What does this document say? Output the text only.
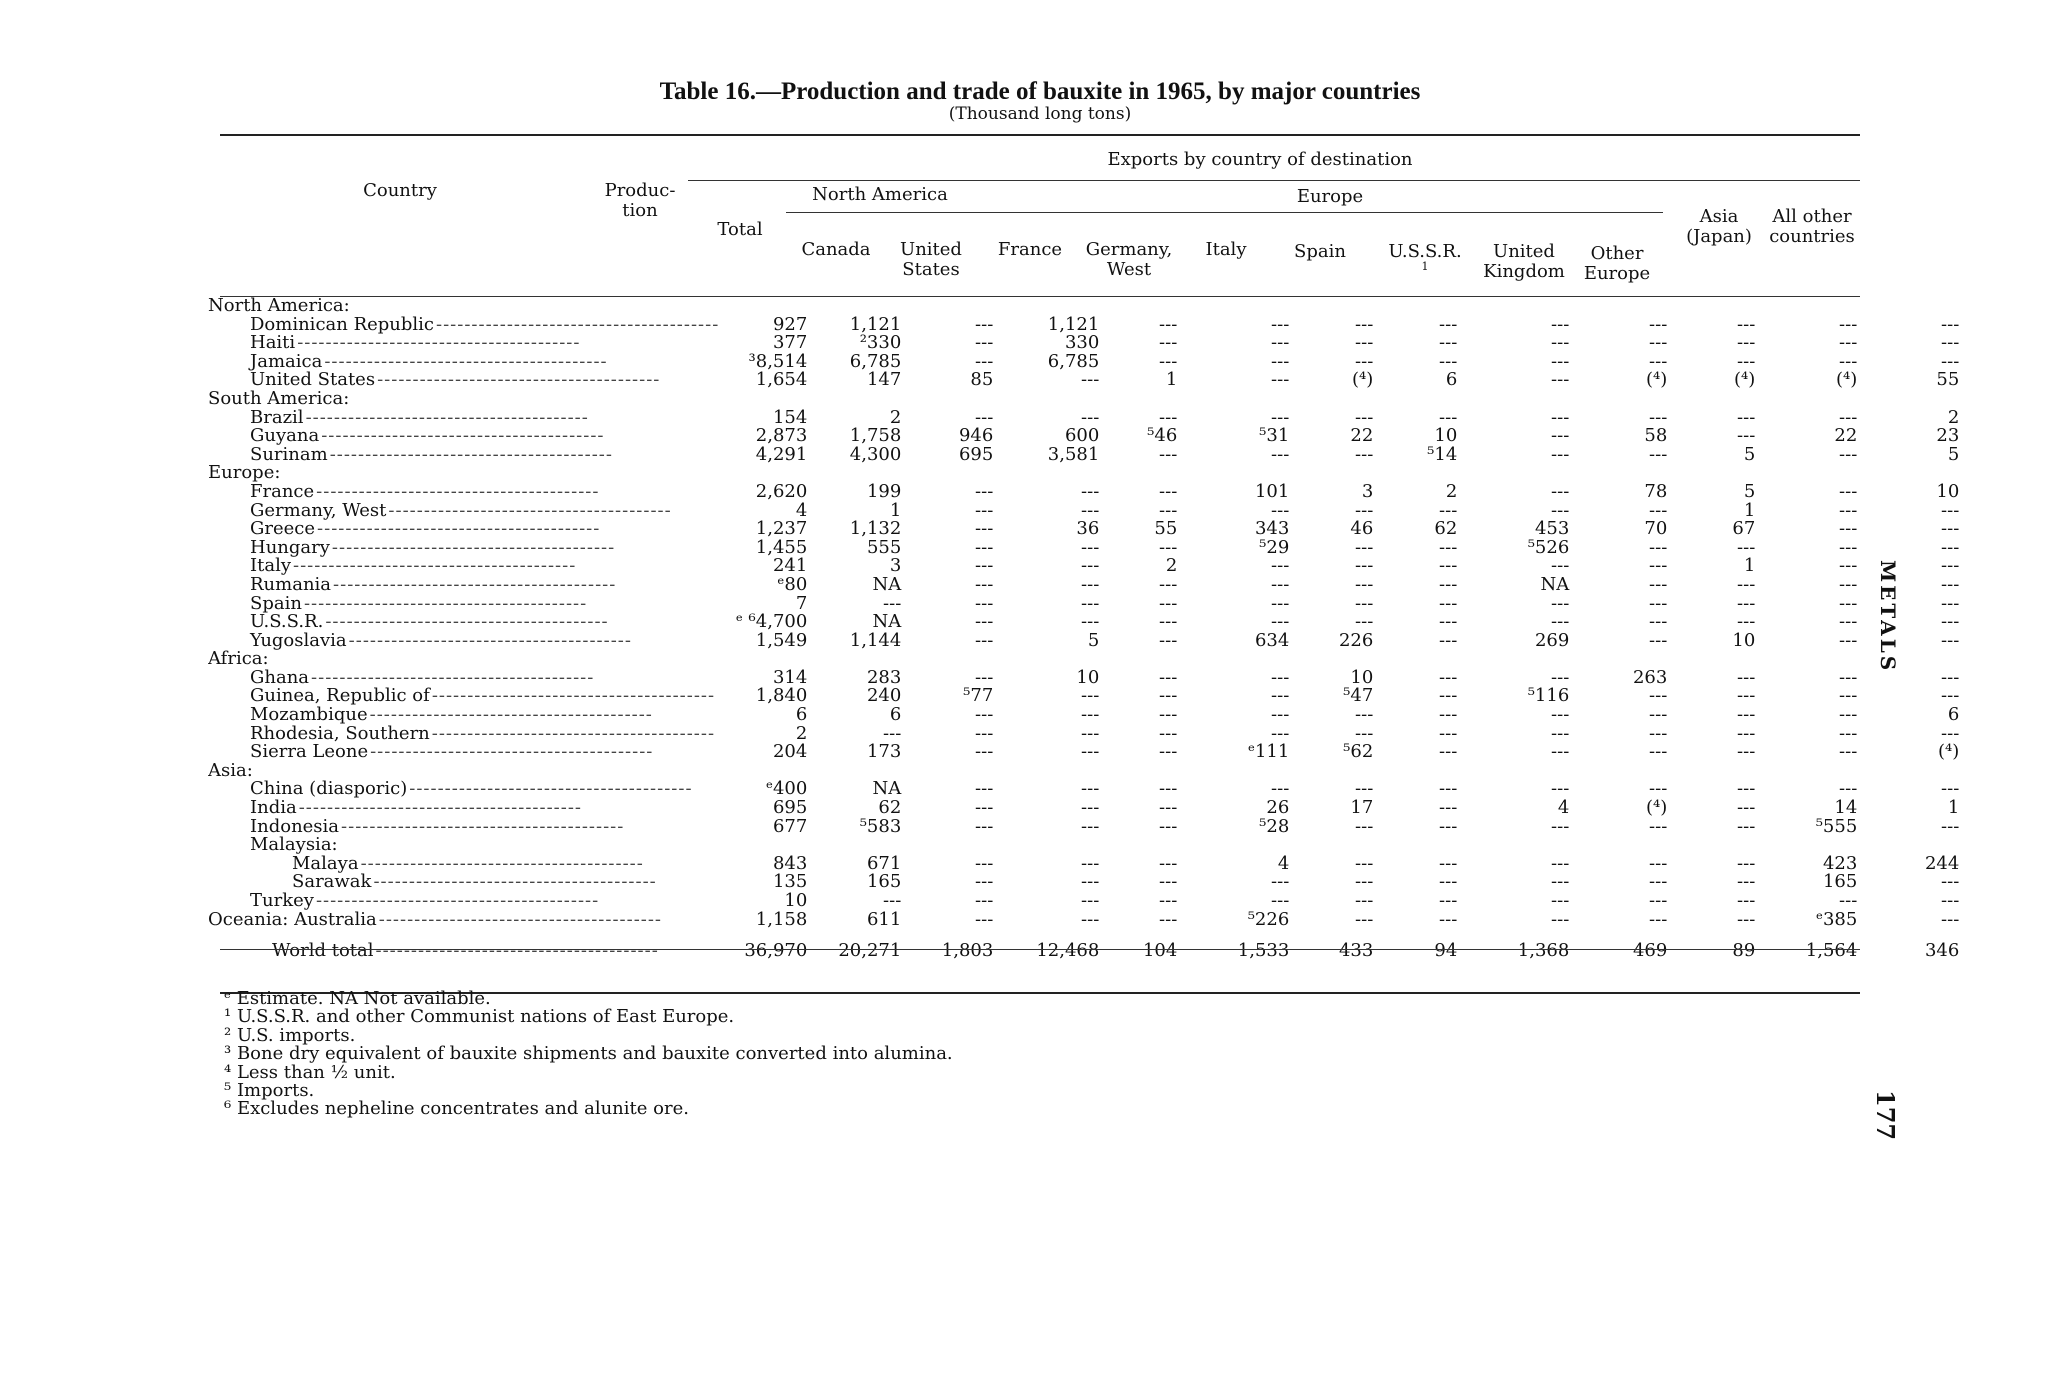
Table 16.—Production and trade of bauxite in 1965, by major countries
(Thousand long tons)
Country	Produc-
tion
Exports by country of destination
Total
North America	Europe
Canada	United
States
France	Germany,
West
Italy	Spain	U.S.S.R.
$^1$
United
Kingdom
Other
Europe
Asia
(Japan)
All other
countries
North America:													
Dominican Republic ----------------------------------------	927	1,121	---	1,121	---	---	---	---	---	---	---	---	---
Haiti ----------------------------------------	377	²330	---	330	---	---	---	---	---	---	---	---	---
Jamaica ----------------------------------------	³8,514	6,785	---	6,785	---	---	---	---	---	---	---	---	---
United States ----------------------------------------	1,654	147	85	---	1	---	(⁴)	6	---	(⁴)	(⁴)	(⁴)	55
South America:													
Brazil ----------------------------------------	154	2	---	---	---	---	---	---	---	---	---	---	2
Guyana ----------------------------------------	2,873	1,758	946	600	⁵46	⁵31	22	10	---	58	---	22	23
Surinam ----------------------------------------	4,291	4,300	695	3,581	---	---	---	⁵14	---	---	5	---	5
Europe:													
France ----------------------------------------	2,620	199	---	---	---	101	3	2	---	78	5	---	10
Germany, West ----------------------------------------	4	1	---	---	---	---	---	---	---	---	1	---	---
Greece ----------------------------------------	1,237	1,132	---	36	55	343	46	62	453	70	67	---	---
Hungary ----------------------------------------	1,455	555	---	---	---	⁵29	---	---	⁵526	---	---	---	---
Italy ----------------------------------------	241	3	---	---	2	---	---	---	---	---	1	---	---
Rumania ----------------------------------------	ᵉ80	NA	---	---	---	---	---	---	NA	---	---	---	---
Spain ----------------------------------------	7	---	---	---	---	---	---	---	---	---	---	---	---
U.S.S.R. ----------------------------------------	ᵉ ⁶4,700	NA	---	---	---	---	---	---	---	---	---	---	---
Yugoslavia ----------------------------------------	1,549	1,144	---	5	---	634	226	---	269	---	10	---	---
Africa:													
Ghana ----------------------------------------	314	283	---	10	---	---	10	---	---	263	---	---	---
Guinea, Republic of ----------------------------------------	1,840	240	⁵77	---	---	---	⁵47	---	⁵116	---	---	---	---
Mozambique ----------------------------------------	6	6	---	---	---	---	---	---	---	---	---	---	6
Rhodesia, Southern ----------------------------------------	2	---	---	---	---	---	---	---	---	---	---	---	---
Sierra Leone ----------------------------------------	204	173	---	---	---	ᵉ111	⁵62	---	---	---	---	---	(⁴)
Asia:													
China (diasporic) ----------------------------------------	ᵉ400	NA	---	---	---	---	---	---	---	---	---	---	---
India ----------------------------------------	695	62	---	---	---	26	17	---	4	(⁴)	---	14	1
Indonesia ----------------------------------------	677	⁵583	---	---	---	⁵28	---	---	---	---	---	⁵555	---
Malaysia:													
Malaya ----------------------------------------	843	671	---	---	---	4	---	---	---	---	---	423	244
Sarawak ----------------------------------------	135	165	---	---	---	---	---	---	---	---	---	165	---
Turkey ----------------------------------------	10	---	---	---	---	---	---	---	---	---	---	---	---
Oceania: Australia ----------------------------------------	1,158	611	---	---	---	⁵226	---	---	---	---	---	ᵉ385	---
World total ----------------------------------------	36,970	20,271	1,803	12,468	104	1,533	433	94	1,368	469	89	1,564	346
ᵉ Estimate. NA Not available.
¹ U.S.S.R. and other Communist nations of East Europe.
² U.S. imports.
³ Bone dry equivalent of bauxite shipments and bauxite converted into alumina.
⁴ Less than ½ unit.
⁵ Imports.
⁶ Excludes nepheline concentrates and alunite ore.
METALS
177
